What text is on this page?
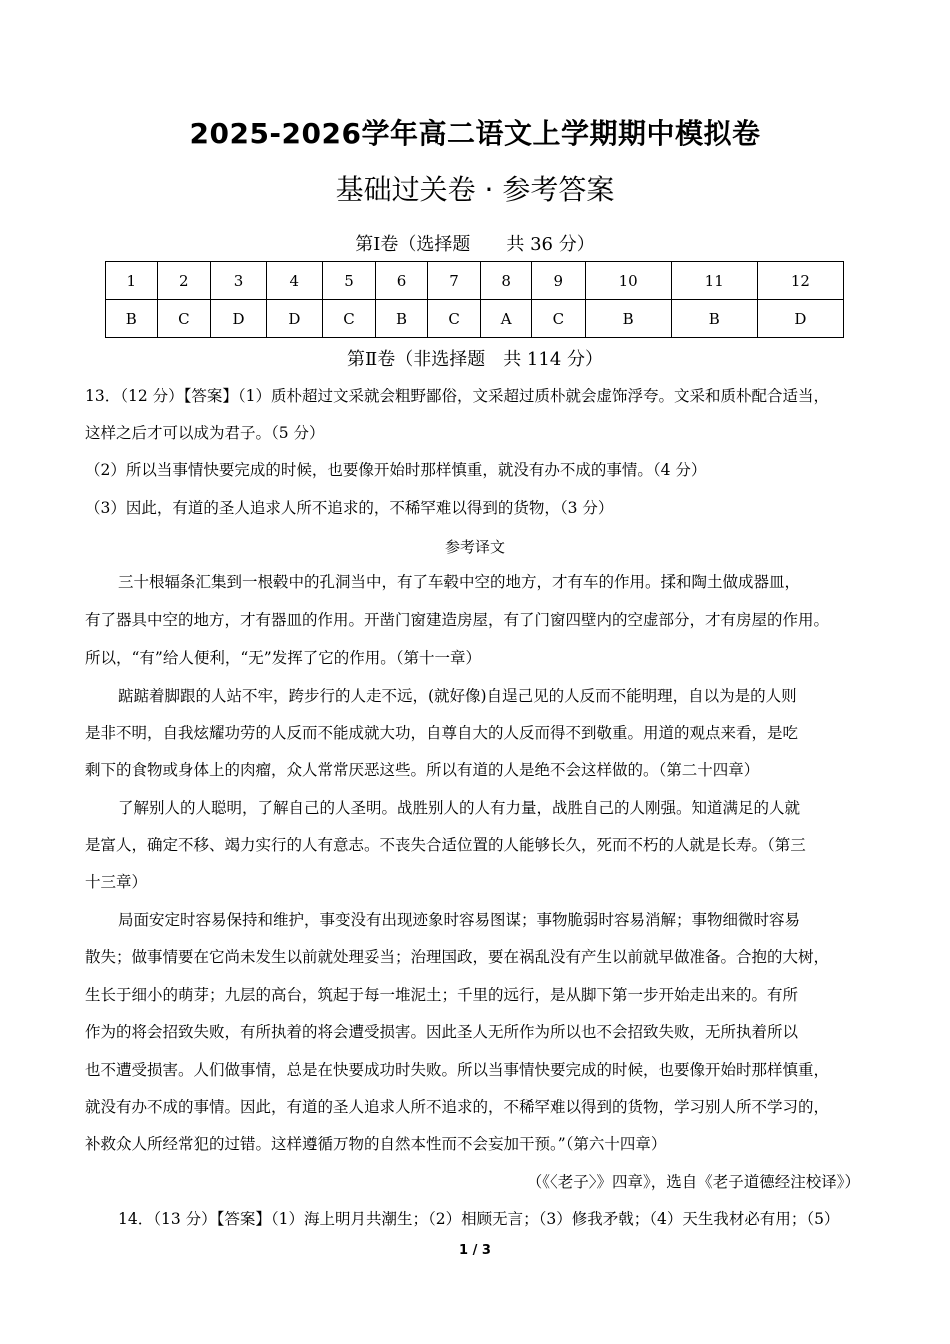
2025-2026学年高二语文上学期期中模拟卷
基础过关卷 · 参考答案
第Ⅰ卷（选择题　　共 36 分）
1	2	3	4	5	6	7	8	9	10	11	12
B	C	D	D	C	B	C	A	C	B	B	D
第Ⅱ卷（非选择题　共 114 分）
13．（12 分）【答案】（1）质朴超过文采就会粗野鄙俗，文采超过质朴就会虚饰浮夸。文采和质朴配合适当，
这样之后才可以成为君子。（5 分）
（2）所以当事情快要完成的时候，也要像开始时那样慎重，就没有办不成的事情。（4 分）
（3）因此，有道的圣人追求人所不追求的，不稀罕难以得到的货物，（3 分）
参考译文
三十根辐条汇集到一根毂中的孔洞当中，有了车毂中空的地方，才有车的作用。揉和陶土做成器皿，
有了器具中空的地方，才有器皿的作用。开凿门窗建造房屋，有了门窗四壁内的空虚部分，才有房屋的作用。
所以，“有”给人便利，“无”发挥了它的作用。（第十一章）
踮踮着脚跟的人站不牢，跨步行的人走不远，(就好像)自逞己见的人反而不能明理，自以为是的人则
是非不明，自我炫耀功劳的人反而不能成就大功，自尊自大的人反而得不到敬重。用道的观点来看，是吃
剩下的食物或身体上的肉瘤，众人常常厌恶这些。所以有道的人是绝不会这样做的。（第二十四章）
了解别人的人聪明，了解自己的人圣明。战胜别人的人有力量，战胜自己的人刚强。知道满足的人就
是富人，确定不移、竭力实行的人有意志。不丧失合适位置的人能够长久，死而不朽的人就是长寿。（第三
十三章）
局面安定时容易保持和维护，事变没有出现迹象时容易图谋；事物脆弱时容易消解；事物细微时容易
散失；做事情要在它尚未发生以前就处理妥当；治理国政，要在祸乱没有产生以前就早做准备。合抱的大树，
生长于细小的萌芽；九层的高台，筑起于每一堆泥土；千里的远行，是从脚下第一步开始走出来的。有所
作为的将会招致失败，有所执着的将会遭受损害。因此圣人无所作为所以也不会招致失败，无所执着所以
也不遭受损害。人们做事情，总是在快要成功时失败。所以当事情快要完成的时候，也要像开始时那样慎重，
就没有办不成的事情。因此，有道的圣人追求人所不追求的，不稀罕难以得到的货物，学习别人所不学习的，
补救众人所经常犯的过错。这样遵循万物的自然本性而不会妄加干预。”（第六十四章）
（《〈老子〉》四章》，选自《老子道德经注校译》）
14．（13 分）【答案】（1）海上明月共潮生；（2）相顾无言；（3）修我矛戟；（4）天生我材必有用；（5）
1 / 3
